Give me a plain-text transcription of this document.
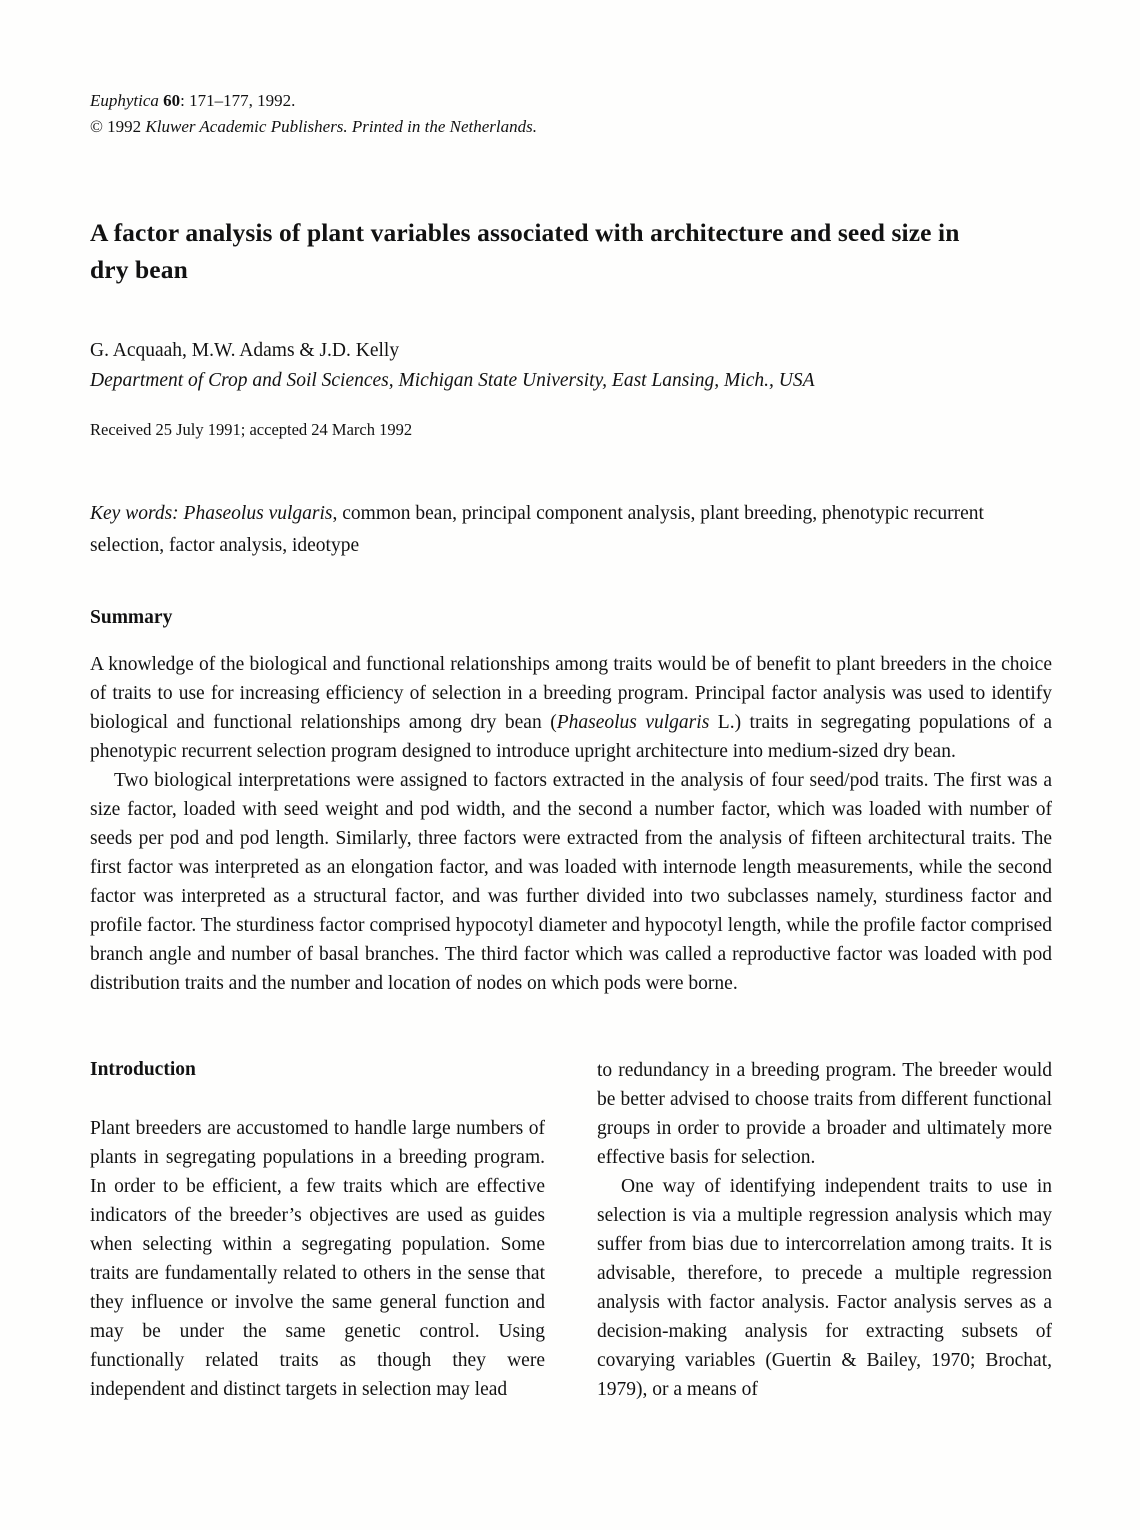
Euphytica 60: 171–177, 1992.

© 1992 Kluwer Academic Publishers. Printed in the Netherlands.

A factor analysis of plant variables associated with architecture and seed size in dry bean

G. Acquaah, M.W. Adams & J.D. Kelly

Department of Crop and Soil Sciences, Michigan State University, East Lansing, Mich., USA

Received 25 July 1991; accepted 24 March 1992

Key words: Phaseolus vulgaris, common bean, principal component analysis, plant breeding, phenotypic recurrent selection, factor analysis, ideotype

Summary

A knowledge of the biological and functional relationships among traits would be of benefit to plant breeders in the choice of traits to use for increasing efficiency of selection in a breeding program. Principal factor analysis was used to identify biological and functional relationships among dry bean (Phaseolus vulgaris L.) traits in segregating populations of a phenotypic recurrent selection program designed to introduce upright architecture into medium-sized dry bean.

Two biological interpretations were assigned to factors extracted in the analysis of four seed/pod traits. The first was a size factor, loaded with seed weight and pod width, and the second a number factor, which was loaded with number of seeds per pod and pod length. Similarly, three factors were extracted from the analysis of fifteen architectural traits. The first factor was interpreted as an elongation factor, and was loaded with internode length measurements, while the second factor was interpreted as a structural factor, and was further divided into two subclasses namely, sturdiness factor and profile factor. The sturdiness factor comprised hypocotyl diameter and hypocotyl length, while the profile factor comprised branch angle and number of basal branches. The third factor which was called a reproductive factor was loaded with pod distribution traits and the number and location of nodes on which pods were borne.

Introduction

Plant breeders are accustomed to handle large numbers of plants in segregating populations in a breeding program. In order to be efficient, a few traits which are effective indicators of the breeder’s objectives are used as guides when selecting within a segregating population. Some traits are fundamentally related to others in the sense that they influence or involve the same general function and may be under the same genetic control. Using functionally related traits as though they were independent and distinct targets in selection may lead

to redundancy in a breeding program. The breeder would be better advised to choose traits from different functional groups in order to provide a broader and ultimately more effective basis for selection.

One way of identifying independent traits to use in selection is via a multiple regression analysis which may suffer from bias due to intercorrelation among traits. It is advisable, therefore, to precede a multiple regression analysis with factor analysis. Factor analysis serves as a decision-making analysis for extracting subsets of covarying variables (Guertin & Bailey, 1970; Brochat, 1979), or a means of
